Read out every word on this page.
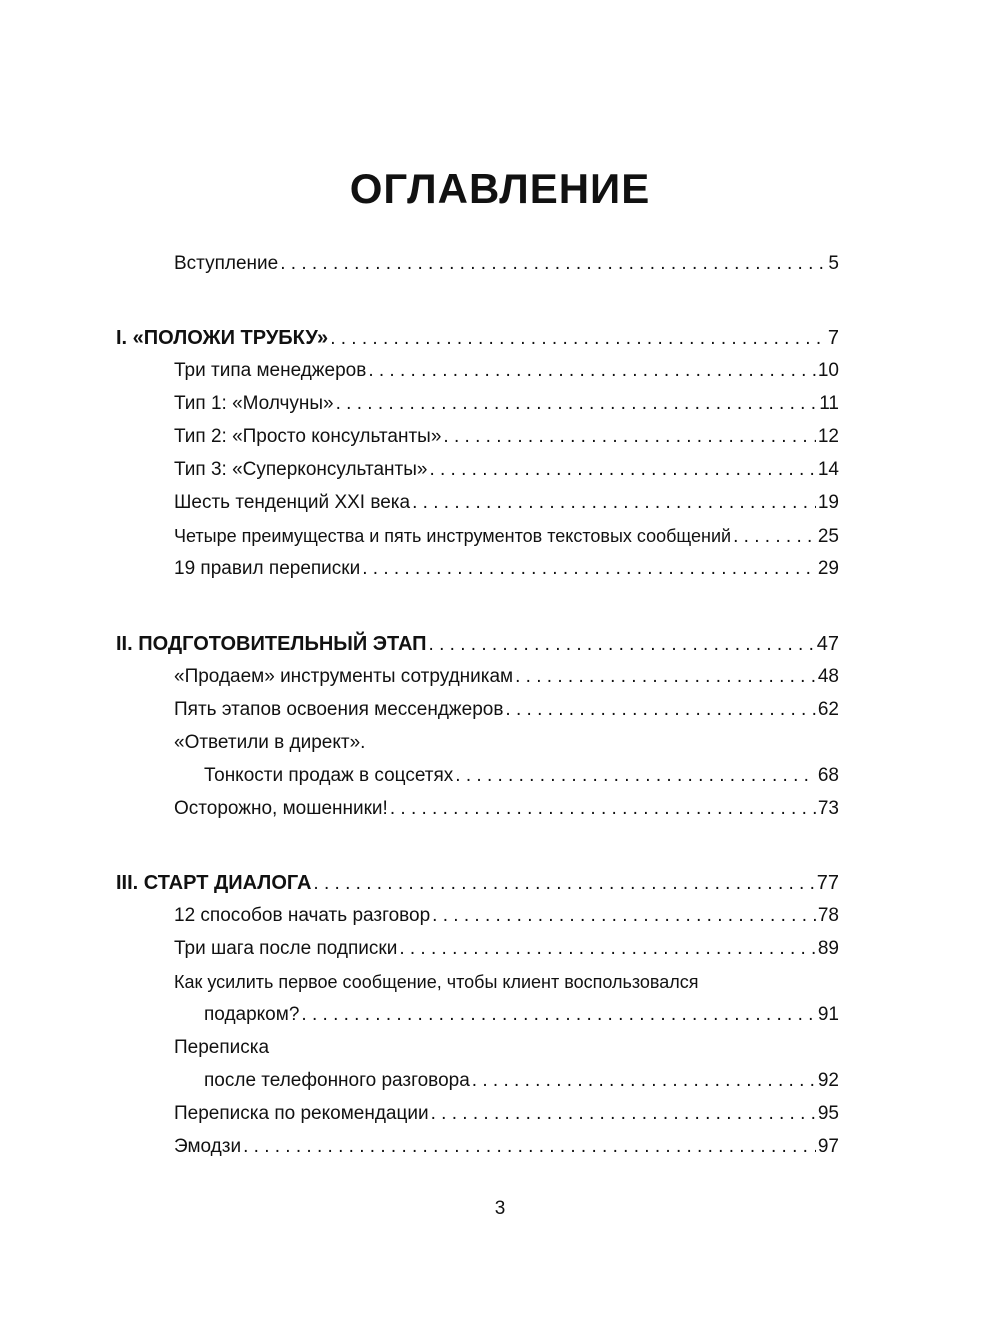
ОГЛАВЛЕНИЕ
Вступление . . .	5
I. «ПОЛОЖИ ТРУБКУ» . . .	7
Три типа менеджеров . . .	10
Тип 1: «Молчуны» . . .	11
Тип 2: «Просто консультанты» . . .	12
Тип 3: «Суперконсультанты» . . .	14
Шесть тенденций XXI века . . .	19
Четыре преимущества и пять инструментов текстовых сообщений . . .	25
19 правил переписки . . .	29
II. ПОДГОТОВИТЕЛЬНЫЙ ЭТАП . . .	47
«Продаем» инструменты сотрудникам . . .	48
Пять этапов освоения мессенджеров . . .	62
«Ответили в директ».
Тонкости продаж в соцсетях . . .	68
Осторожно, мошенники! . . .	73
III. СТАРТ ДИАЛОГА . . .	77
12 способов начать разговор . . .	78
Три шага после подписки . . .	89
Как усилить первое сообщение, чтобы клиент воспользовался
подарком? . . .	91
Переписка
после телефонного разговора . . .	92
Переписка по рекомендации . . .	95
Эмодзи . . .	97
3
